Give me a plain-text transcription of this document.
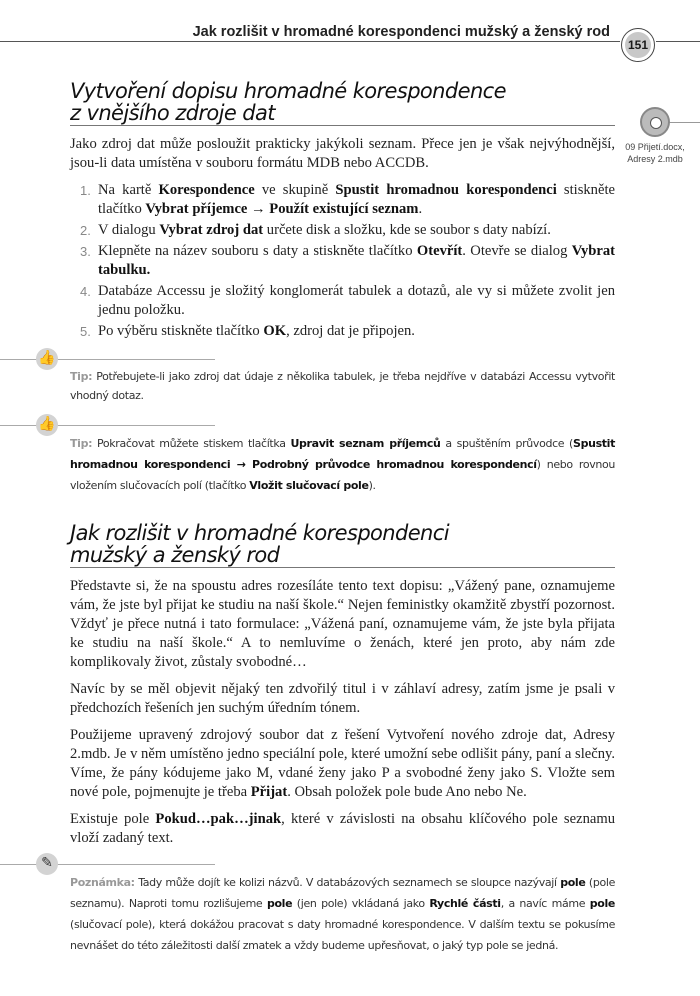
Jak rozlišit v hromadné korespondenci mužský a ženský rod
151
09 Přijetí.docx, Adresy 2.mdb
Vytvoření dopisu hromadné korespondence
z vnějšího zdroje dat

Jako zdroj dat může posloužit prakticky jakýkoli seznam. Přece jen je však nejvýhodnější, jsou-li data umístěna v souboru formátu MDB nebo ACCDB.

1. Na kartě Korespondence ve skupině Spustit hromadnou korespondenci stiskněte tlačítko Vybrat příjemce → Použít existující seznam.
2. V dialogu Vybrat zdroj dat určete disk a složku, kde se soubor s daty nabízí.
3. Klepněte na název souboru s daty a stiskněte tlačítko Otevřít. Otevře se dialog Vybrat tabulku.
4. Databáze Accessu je složitý konglomerát tabulek a dotazů, ale vy si můžete zvolit jen jednu položku.
5. Po výběru stiskněte tlačítko OK, zdroj dat je připojen.
👍
Tip: Potřebujete-li jako zdroj dat údaje z několika tabulek, je třeba nejdříve v databázi Accessu vytvořit vhodný dotaz.
👍
Tip: Pokračovat můžete stiskem tlačítka Upravit seznam příjemců a spuštěním průvodce (Spustit hromadnou korespondenci → Podrobný průvodce hromadnou korespondencí) nebo rovnou vložením slučovacích polí (tlačítko Vložit slučovací pole).
Jak rozlišit v hromadné korespondenci
mužský a ženský rod

Představte si, že na spoustu adres rozesíláte tento text dopisu: „Vážený pane, oznamujeme vám, že jste byl přijat ke studiu na naší škole.“ Nejen feministky okamžitě zbystří pozornost. Vždyť je přece nutná i tato formulace: „Vážená paní, oznamujeme vám, že jste byla přijata ke studiu na naší škole.“ A to nemluvíme o ženách, které jen proto, aby nám zde komplikovaly život, zůstaly svobodné…

Navíc by se měl objevit nějaký ten zdvořilý titul i v záhlaví adresy, zatím jsme je psali v předchozích řešeních jen suchým úředním tónem.

Použijeme upravený zdrojový soubor dat z řešení Vytvoření nového zdroje dat, Adresy 2.mdb. Je v něm umístěno jedno speciální pole, které umožní sebe odlišit pány, paní a slečny. Víme, že pány kódujeme jako M, vdané ženy jako P a svobodné ženy jako S. Vložte sem nové pole, pojmenujte je třeba Přijat. Obsah položek pole bude Ano nebo Ne.

Existuje pole Pokud…pak…jinak, které v závislosti na obsahu klíčového pole seznamu vloží zadaný text.

✎
Poznámka: Tady může dojít ke kolizi názvů. V databázových seznamech se sloupce nazývají pole (pole seznamu). Naproti tomu rozlišujeme pole (jen pole) vkládaná jako Rychlé části, a navíc máme pole (slučovací pole), která dokážou pracovat s daty hromadné korespondence. V dalším textu se pokusíme nevnášet do této záležitosti další zmatek a vždy budeme upřesňovat, o jaký typ pole se jedná.
